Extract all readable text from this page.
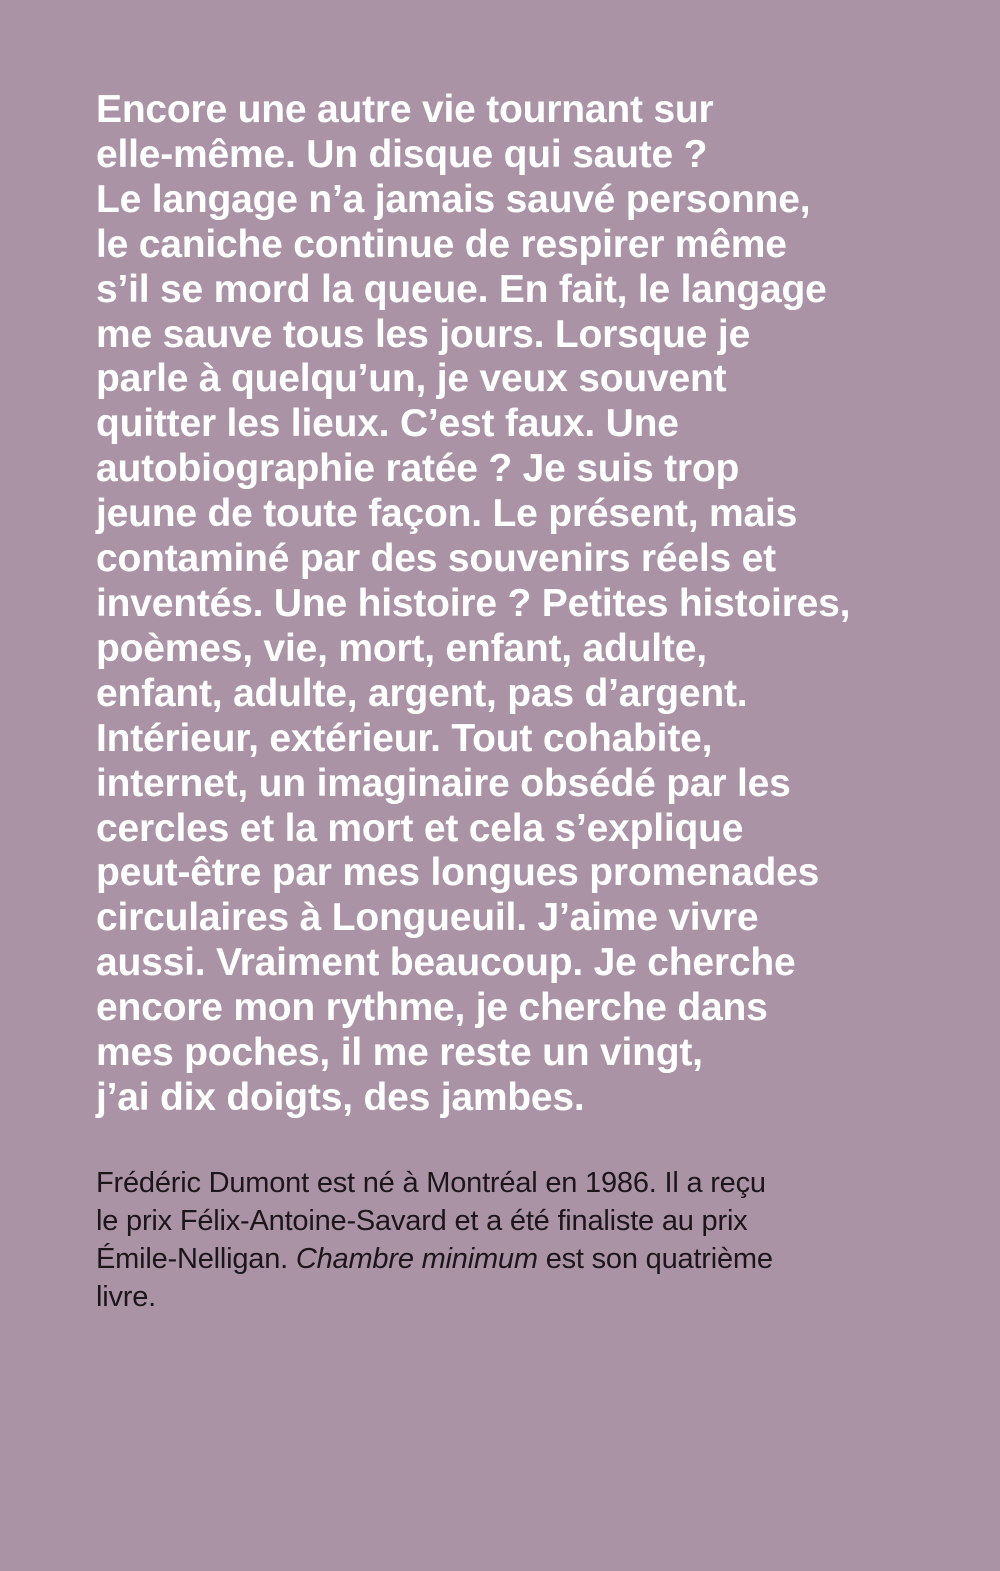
Encore une autre vie tournant sur
elle-même. Un disque qui saute ?
Le langage n’a jamais sauvé personne,
le caniche continue de respirer même
s’il se mord la queue. En fait, le langage
me sauve tous les jours. Lorsque je
parle à quelqu’un, je veux souvent
quitter les lieux. C’est faux. Une
autobiographie ratée ? Je suis trop
jeune de toute façon. Le présent, mais
contaminé par des souvenirs réels et
inventés. Une histoire ? Petites histoires,
poèmes, vie, mort, enfant, adulte,
enfant, adulte, argent, pas d’argent.
Intérieur, extérieur. Tout cohabite,
internet, un imaginaire obsédé par les
cercles et la mort et cela s’explique
peut-être par mes longues promenades
circulaires à Longueuil. J’aime vivre
aussi. Vraiment beaucoup. Je cherche
encore mon rythme, je cherche dans
mes poches, il me reste un vingt,
j’ai dix doigts, des jambes.
Frédéric Dumont est né à Montréal en 1986. Il a reçu
le prix Félix-Antoine-Savard et a été finaliste au prix
Émile-Nelligan. Chambre minimum est son quatrième
livre.
